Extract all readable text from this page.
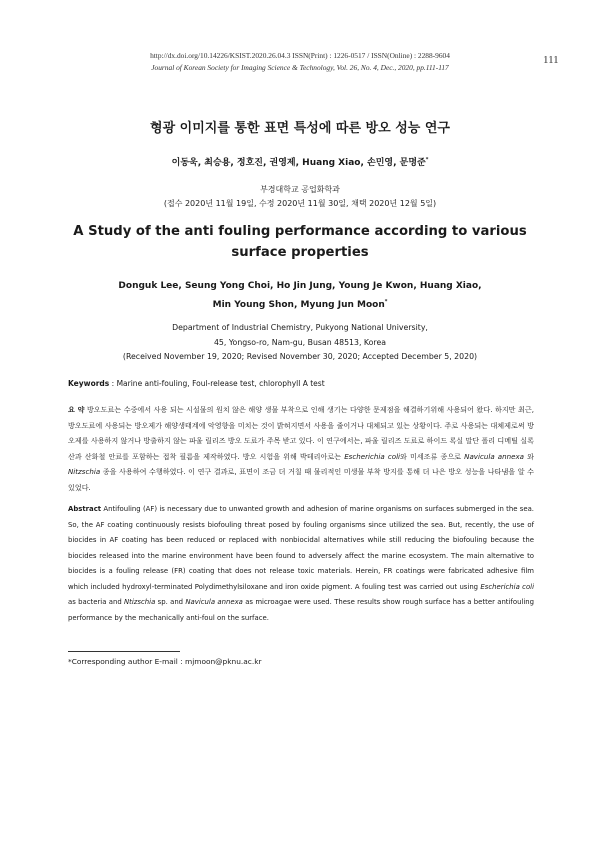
http://dx.doi.org/10.14226/KSIST.2020.26.04.3 ISSN(Print) : 1226-0517 / ISSN(Online) : 2288-9604
Journal of Korean Society for Imaging Science & Technology, Vol. 26, No. 4, Dec., 2020, pp.111-117
111
형광 이미지를 통한 표면 특성에 따른 방오 성능 연구
이동욱, 최승용, 정호진, 권영제, Huang Xiao, 손민영, 문명준*
부경대학교 공업화학과
(접수 2020년 11월 19일, 수정 2020년 11월 30일, 채택 2020년 12월 5일)
A Study of the anti fouling performance according to various
surface properties
Donguk Lee, Seung Yong Choi, Ho Jin Jung, Young Je Kwon, Huang Xiao,
Min Young Shon, Myung Jun Moon*
Department of Industrial Chemistry, Pukyong National University,
45, Yongso-ro, Nam-gu, Busan 48513, Korea
(Received November 19, 2020; Revised November 30, 2020; Accepted December 5, 2020)
Keywords : Marine anti-fouling, Foul-release test, chlorophyll A test
요 약 방오도료는 수중에서 사용 되는 시설물의 원치 않은 해양 생물 부착으로 인해 생기는 다양한 문제점을 해결하기위해 사용되어 왔다. 하지만 최근, 방오도료에 사용되는 방오제가 해양생태계에 악영향을 미치는 것이 밝혀지면서 사용을 줄이거나 대체되고 있는 상황이다. 주로 사용되는 대체제로써 방오제를 사용하지 않거나 방출하지 않는 파울 릴리즈 방오 도료가 주목 받고 있다. 이 연구에서는, 파울 릴리즈 도료로 하이드 록실 말단 폴리 디메틸 실록산과 산화철 안료를 포함하는 접착 필름을 제작하였다. 방오 시험을 위해 박테리아로는 Escherichia coli와 미세조류 종으로 Navicula annexa 와 Nitzschia 종을 사용하여 수행하였다. 이 연구 결과로, 표면이 조금 더 거칠 때 물리적인 미생물 부착 방지를 통해 더 나은 방오 성능을 나타냄을 알 수 있었다.
Abstract Antifouling (AF) is necessary due to unwanted growth and adhesion of marine organisms on surfaces submerged in the sea. So, the AF coating continuously resists biofouling threat posed by fouling organisms since utilized the sea. But, recently, the use of biocides in AF coating has been reduced or replaced with nonbiocidal alternatives while still reducing the biofouling because the biocides released into the marine environment have been found to adversely affect the marine ecosystem. The main alternative to biocides is a fouling release (FR) coating that does not release toxic materials. Herein, FR coatings were fabricated adhesive film which included hydroxyl-terminated Polydimethylsiloxane and iron oxide pigment. A fouling test was carried out using Escherichia coli as bacteria and Ntizschia sp. and Navicula annexa as microagae were used. These results show rough surface has a better antifouling performance by the mechanically anti-foul on the surface.
*Corresponding author E-mail : mjmoon@pknu.ac.kr
